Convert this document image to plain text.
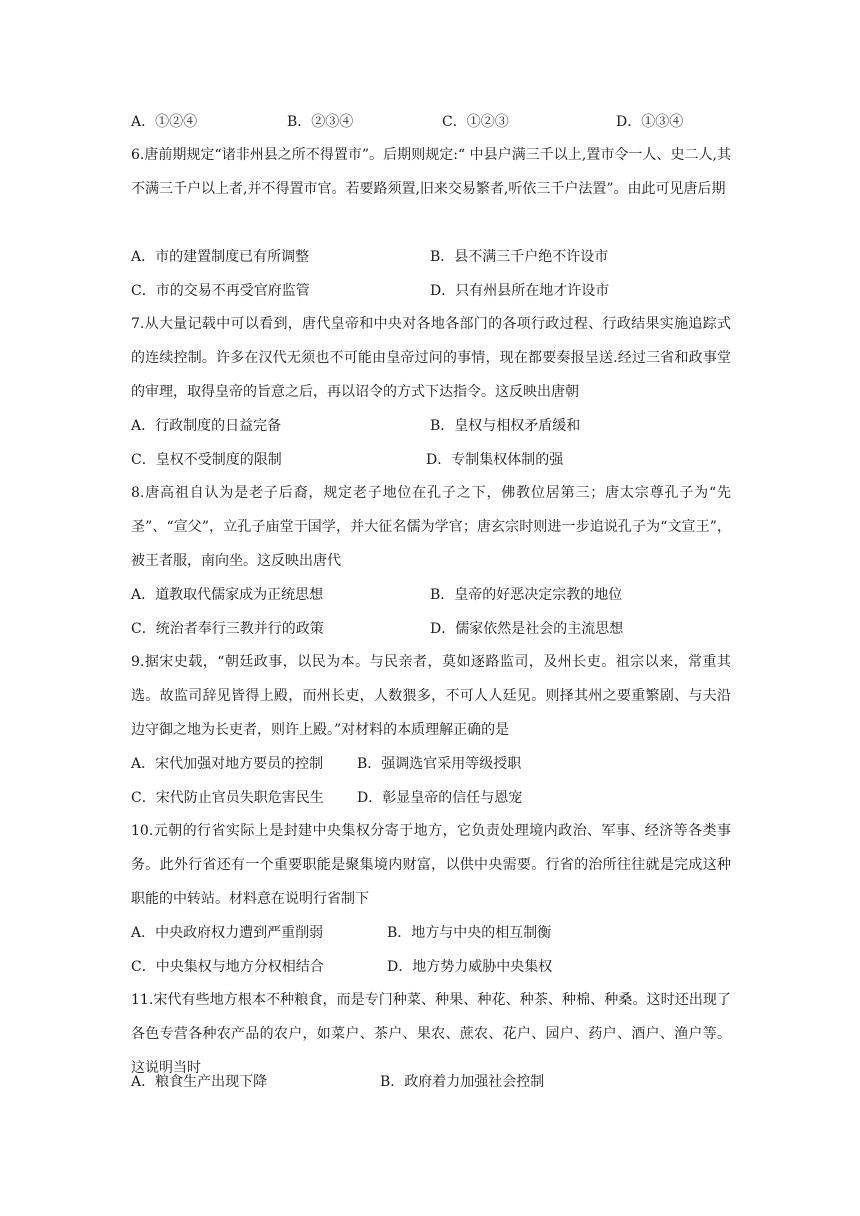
A．①②④	B．②③④	C．①②③	D．①③④
6.唐前期规定“诸非州县之所不得置市”。后期则规定:“ 中县户满三千以上,置市令一人、史二人,其不满三千户以上者,并不得置市官。若要路须置,旧来交易繁者,听依三千户法置”。由此可见唐后期
A．市的建置制度已有所调整	B．县不满三千户绝不许设市
C．市的交易不再受官府监管	D．只有州县所在地才许设市
7.从大量记载中可以看到，唐代皇帝和中央对各地各部门的各项行政过程、行政结果实施追踪式的连续控制。许多在汉代无须也不可能由皇帝过问的事情，现在都要奏报呈送.经过三省和政事堂的审理，取得皇帝的旨意之后，再以诏令的方式下达指令。这反映出唐朝
A．行政制度的日益完备	B．皇权与相权矛盾缓和
C．皇权不受制度的限制	D．专制集权体制的强
8.唐高祖自认为是老子后裔，规定老子地位在孔子之下，佛教位居第三；唐太宗尊孔子为“先圣”、“宣父”，立孔子庙堂于国学，并大征名儒为学官；唐玄宗时则进一步追说孔子为“文宣王”，被王者服，南向坐。这反映出唐代
A．道教取代儒家成为正统思想	B．皇帝的好恶决定宗教的地位
C．统治者奉行三教并行的政策	D．儒家依然是社会的主流思想
9.据宋史载，“朝廷政事，以民为本。与民亲者，莫如逐路监司，及州长吏。祖宗以来，常重其选。故监司辞见皆得上殿，而州长吏，人数猥多，不可人人廷见。则择其州之要重繁剧、与夫沿边守御之地为长吏者，则许上殿。”对材料的本质理解正确的是
A．宋代加强对地方要员的控制 B．强调选官采用等级授职
C．宋代防止官员失职危害民生 D．彰显皇帝的信任与恩宠
10.元朝的行省实际上是封建中央集权分寄于地方，它负责处理境内政治、军事、经济等各类事务。此外行省还有一个重要职能是聚集境内财富，以供中央需要。行省的治所往往就是完成这种职能的中转站。材料意在说明行省制下
A．中央政府权力遭到严重削弱	B．地方与中央的相互制衡
C．中央集权与地方分权相结合	D．地方势力威胁中央集权
11.宋代有些地方根本不种粮食，而是专门种菜、种果、种花、种茶、种棉、种桑。这时还出现了各色专营各种农产品的农户，如菜户、茶户、果农、蔗农、花户、园户、药户、酒户、渔户等。这说明当时
A．粮食生产出现下降	B．政府着力加强社会控制
